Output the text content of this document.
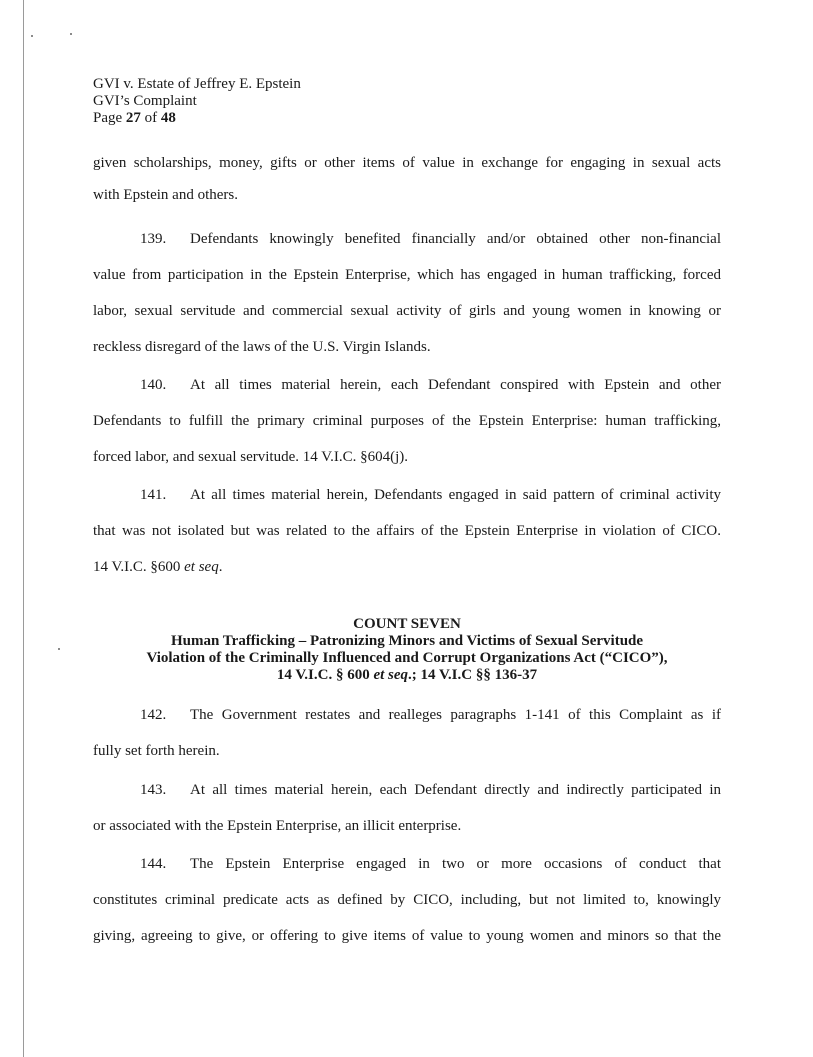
GVI v. Estate of Jeffrey E. Epstein
GVI’s Complaint
Page 27 of 48
given scholarships, money, gifts or other items of value in exchange for engaging in sexual acts
with Epstein and others.
139. Defendants knowingly benefited financially and/or obtained other non-financial
value from participation in the Epstein Enterprise, which has engaged in human trafficking, forced
labor, sexual servitude and commercial sexual activity of girls and young women in knowing or
reckless disregard of the laws of the U.S. Virgin Islands.
140. At all times material herein, each Defendant conspired with Epstein and other
Defendants to fulfill the primary criminal purposes of the Epstein Enterprise: human trafficking,
forced labor, and sexual servitude. 14 V.I.C. §604(j).
141. At all times material herein, Defendants engaged in said pattern of criminal activity
that was not isolated but was related to the affairs of the Epstein Enterprise in violation of CICO.
14 V.I.C. §600 et seq.
COUNT SEVEN
Human Trafficking – Patronizing Minors and Victims of Sexual Servitude
Violation of the Criminally Influenced and Corrupt Organizations Act (“CICO”),
14 V.I.C. § 600 et seq.; 14 V.I.C §§ 136-37
142. The Government restates and realleges paragraphs 1-141 of this Complaint as if
fully set forth herein.
143. At all times material herein, each Defendant directly and indirectly participated in
or associated with the Epstein Enterprise, an illicit enterprise.
144. The Epstein Enterprise engaged in two or more occasions of conduct that
constitutes criminal predicate acts as defined by CICO, including, but not limited to, knowingly
giving, agreeing to give, or offering to give items of value to young women and minors so that the
